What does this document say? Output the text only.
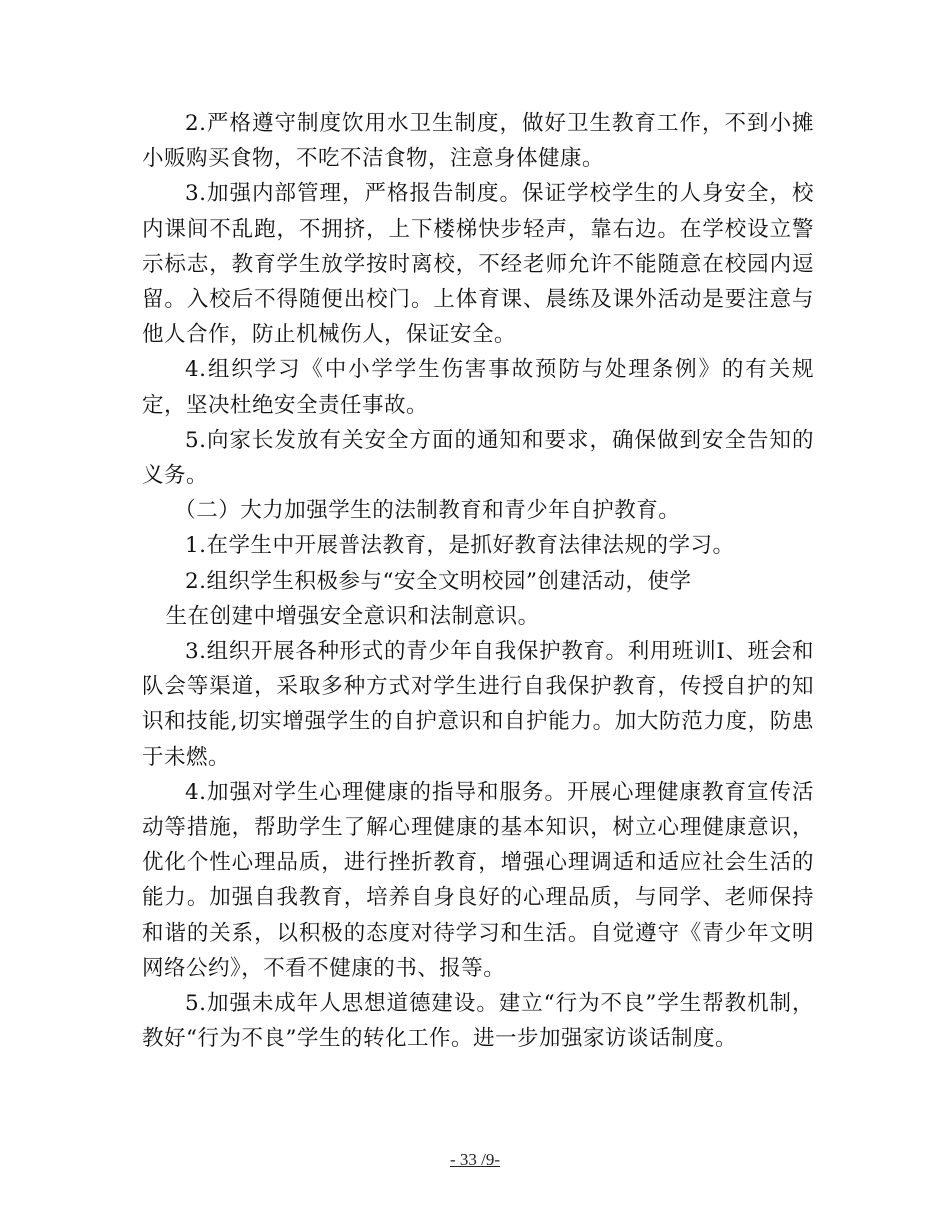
2.严格遵守制度饮用水卫生制度，做好卫生教育工作，不到小摊小贩购买食物，不吃不洁食物，注意身体健康。

3.加强内部管理，严格报告制度。保证学校学生的人身安全，校内课间不乱跑，不拥挤，上下楼梯快步轻声，靠右边。在学校设立警示标志，教育学生放学按时离校，不经老师允许不能随意在校园内逗留。入校后不得随便出校门。上体育课、晨练及课外活动是要注意与他人合作，防止机械伤人，保证安全。

4.组织学习《中小学学生伤害事故预防与处理条例》的有关规定，坚决杜绝安全责任事故。

5.向家长发放有关安全方面的通知和要求，确保做到安全告知的义务。

（二）大力加强学生的法制教育和青少年自护教育。

1.在学生中开展普法教育，是抓好教育法律法规的学习。

2.组织学生积极参与“安全文明校园”创建活动，使学
生在创建中增强安全意识和法制意识。

3.组织开展各种形式的青少年自我保护教育。利用班训Ⅰ、班会和队会等渠道，采取多种方式对学生进行自我保护教育，传授自护的知识和技能,切实增强学生的自护意识和自护能力。加大防范力度，防患于未燃。

4.加强对学生心理健康的指导和服务。开展心理健康教育宣传活动等措施，帮助学生了解心理健康的基本知识，树立心理健康意识，优化个性心理品质，进行挫折教育，增强心理调适和适应社会生活的能力。加强自我教育，培养自身良好的心理品质，与同学、老师保持和谐的关系，以积极的态度对待学习和生活。自觉遵守《青少年文明网络公约》，不看不健康的书、报等。

5.加强未成年人思想道德建设。建立“行为不良”学生帮教机制，教好“行为不良”学生的转化工作。进一步加强家访谈话制度。

- 33 /9-
